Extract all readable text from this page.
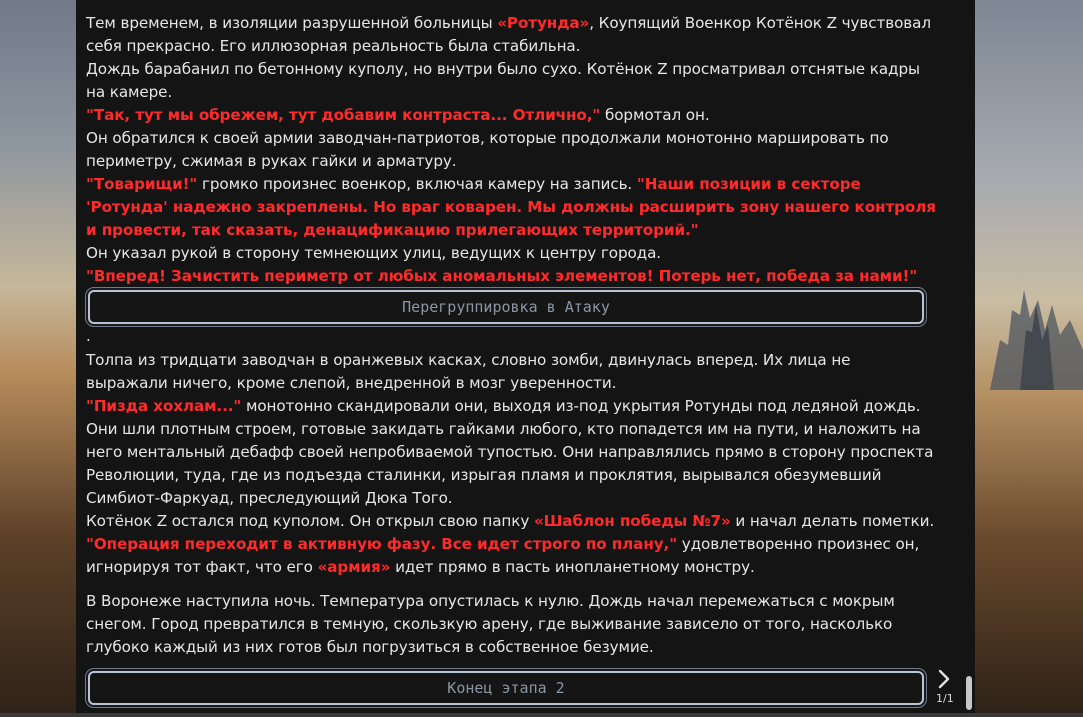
Тем временем, в изоляции разрушенной больницы «Ротунда», Коупящий Военкор Котёнок Z чувствовал себя прекрасно. Его иллюзорная реальность была стабильна.

Дождь барабанил по бетонному куполу, но внутри было сухо. Котёнок Z просматривал отснятые кадры на камере.

"Так, тут мы обрежем, тут добавим контраста... Отлично," бормотал он.

Он обратился к своей армии заводчан-патриотов, которые продолжали монотонно маршировать по периметру, сжимая в руках гайки и арматуру.

"Товарищи!" громко произнес военкор, включая камеру на запись. "Наши позиции в секторе 'Ротунда' надежно закреплены. Но враг коварен. Мы должны расширить зону нашего контроля и провести, так сказать, денацификацию прилегающих территорий."

Он указал рукой в сторону темнеющих улиц, ведущих к центру города.

"Вперед! Зачистить периметр от любых аномальных элементов! Потерь нет, победа за нами!"

Перегруппировка в Атаку
.

Толпа из тридцати заводчан в оранжевых касках, словно зомби, двинулась вперед. Их лица не выражали ничего, кроме слепой, внедренной в мозг уверенности.

"Пизда хохлам..." монотонно скандировали они, выходя из-под укрытия Ротунды под ледяной дождь. Они шли плотным строем, готовые закидать гайками любого, кто попадется им на пути, и наложить на него ментальный дебафф своей непробиваемой тупостью. Они направлялись прямо в сторону проспекта Революции, туда, где из подъезда сталинки, изрыгая пламя и проклятия, вырывался обезумевший Симбиот-Фаркуад, преследующий Дюка Того.

Котёнок Z остался под куполом. Он открыл свою папку «Шаблон победы №7» и начал делать пометки.

"Операция переходит в активную фазу. Все идет строго по плану," удовлетворенно произнес он, игнорируя тот факт, что его «армия» идет прямо в пасть инопланетному монстру.

В Воронеже наступила ночь. Температура опустилась к нулю. Дождь начал перемежаться с мокрым снегом. Город превратился в темную, скользкую арену, где выживание зависело от того, насколько глубоко каждый из них готов был погрузиться в собственное безумие.

Конец этапа 2
1/1
